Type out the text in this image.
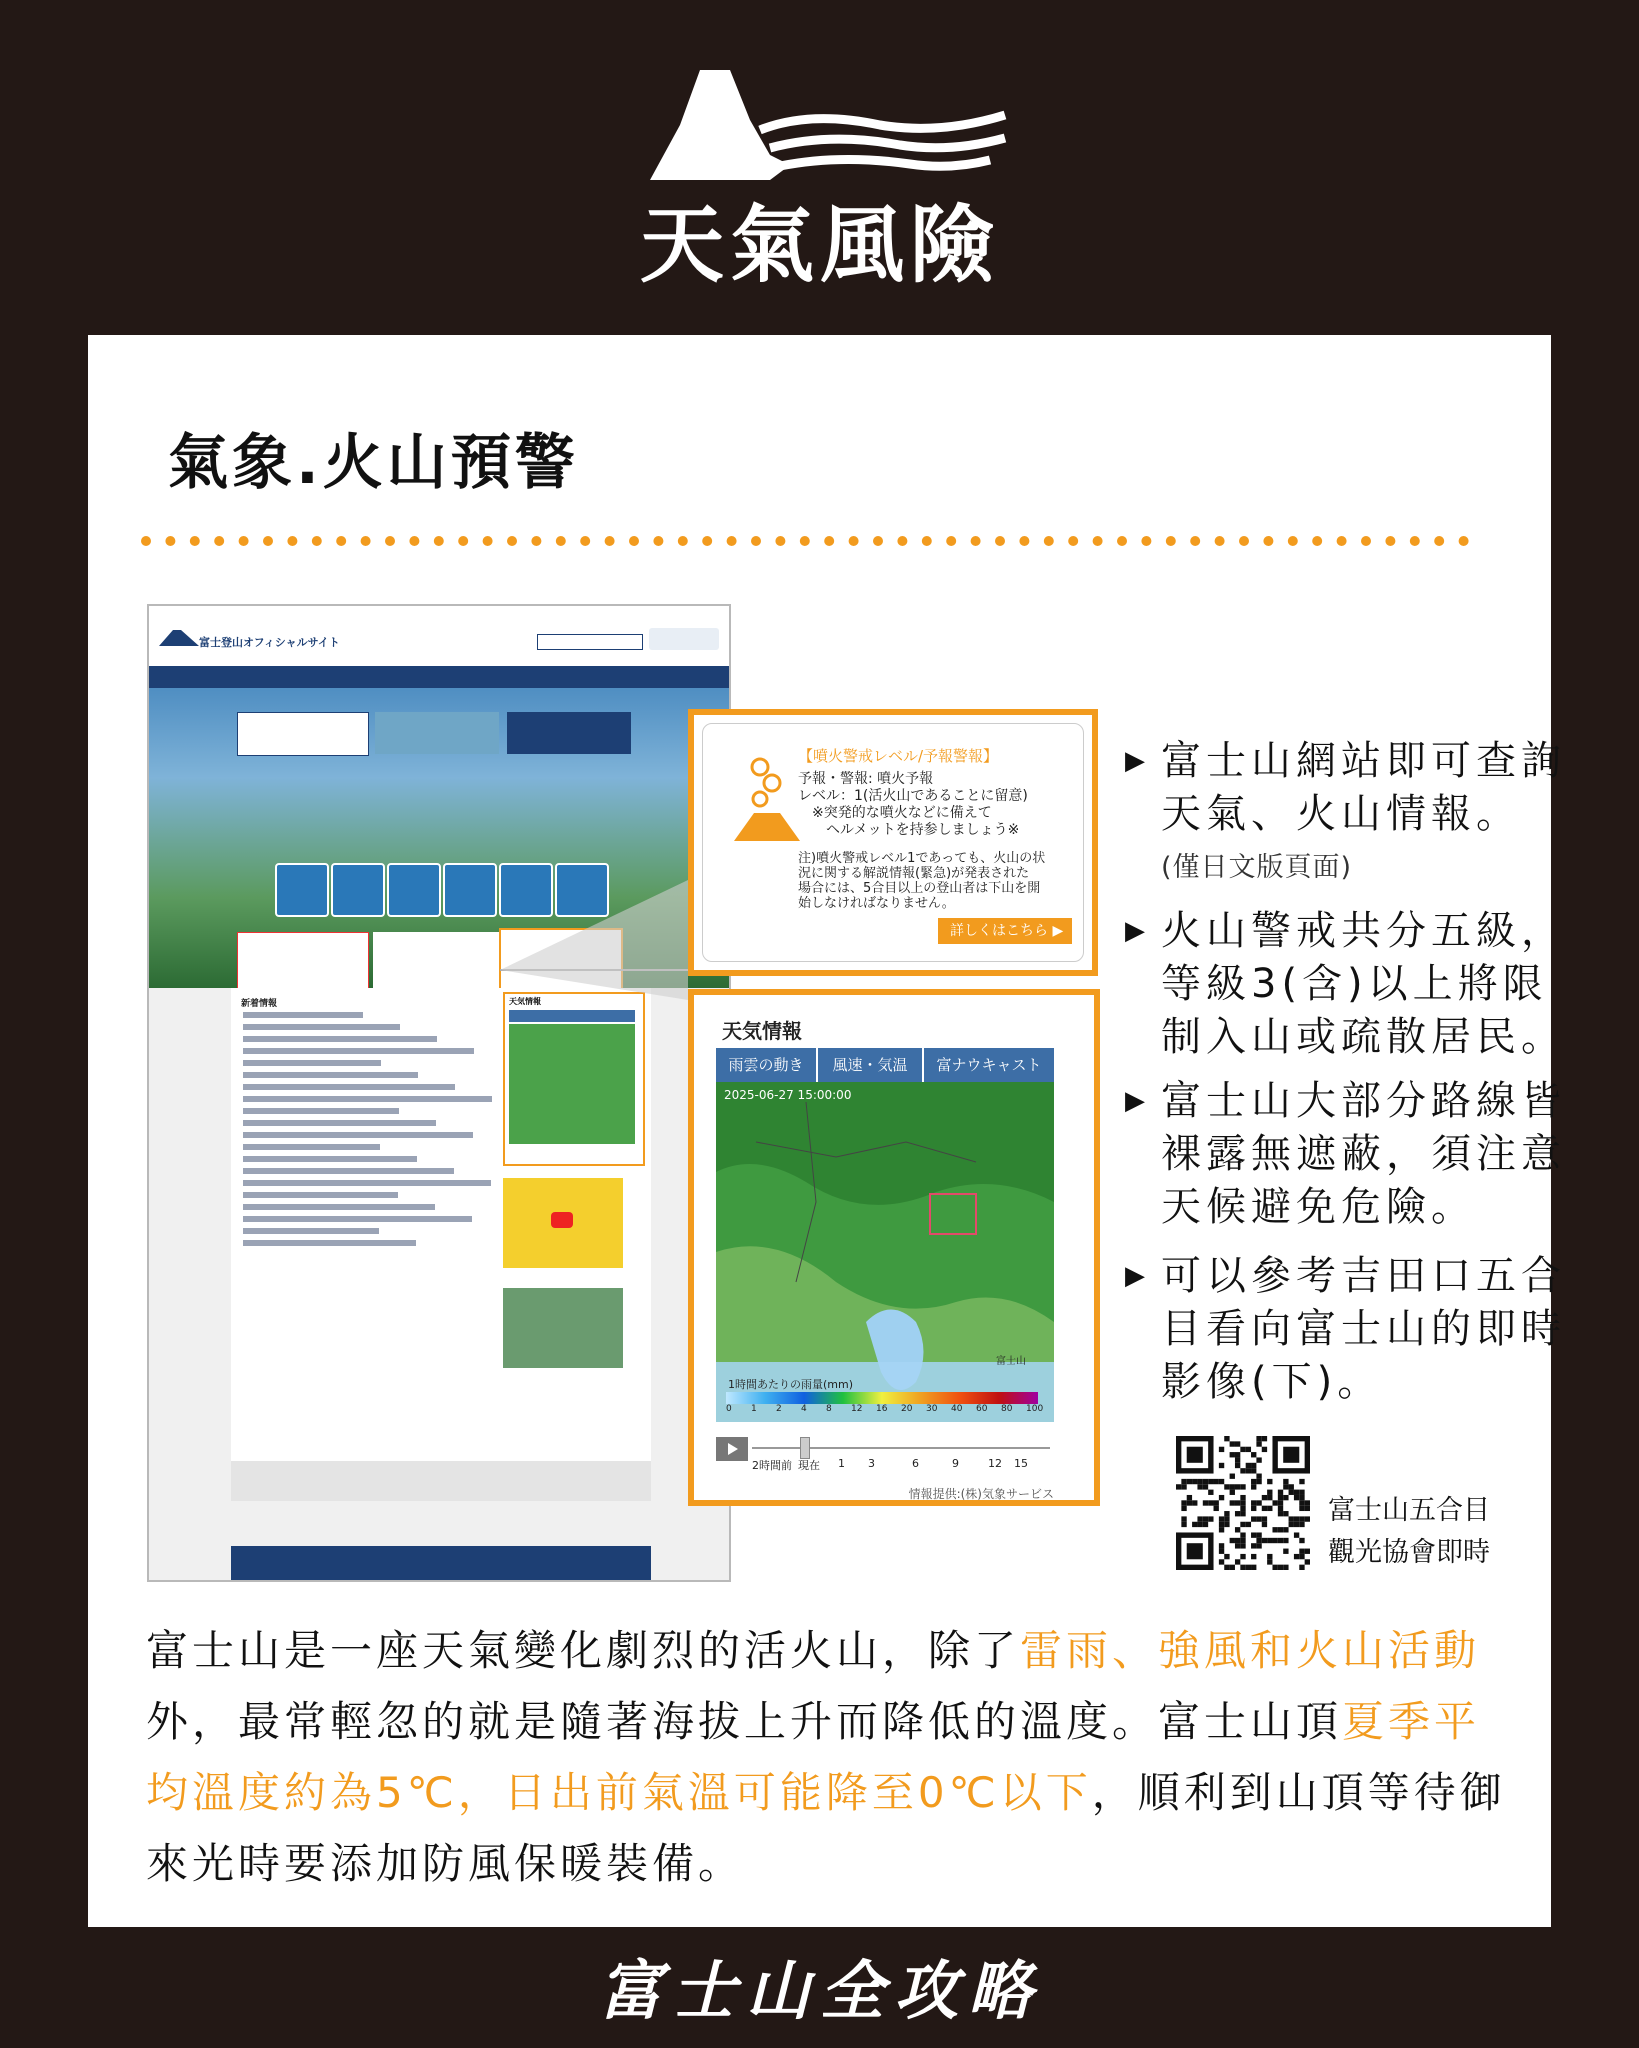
天氣風險
氣象.火山預警
富士登山オフィシャルサイト
新着情報	天気情報
【噴火警戒レベル/予報警報】
予報・警報: 噴火予報
レベル：1(活火山であることに留意)
　※突発的な噴火などに備えて
　　ヘルメットを持参しましょう※
注)噴火警戒レベル1であっても、火山の状
況に関する解説情報(緊急)が発表された
場合には、5合目以上の登山者は下山を開
始しなければなりません。
詳しくはこちら ▶
天気情報
雨雲の動き	風速・気温	富ナウキャスト
2025-06-27 15:00:00
富士山
1時間あたりの雨量(mm)
0 1 2 4 8 12 16 20 30 40 60 80 100
2時間前 現在 1 3	6	9	12 15
情報提供:(株)気象サービス
▶ 富士山網站即可查詢天氣、火山情報。
(僅日文版頁面)
▶ 火山警戒共分五級，等級3(含)以上將限制入山或疏散居民。
▶ 富士山大部分路線皆裸露無遮蔽，須注意天候避免危險。
▶ 可以參考吉田口五合目看向富士山的即時影像(下)。
富士山五合目
觀光協會即時
富士山是一座天氣變化劇烈的活火山，除了雷雨、強風和火山活動外，最常輕忽的就是隨著海拔上升而降低的溫度。富士山頂夏季平均溫度約為5℃，日出前氣溫可能降至0℃以下，順利到山頂等待御來光時要添加防風保暖裝備。
富士山全攻略
